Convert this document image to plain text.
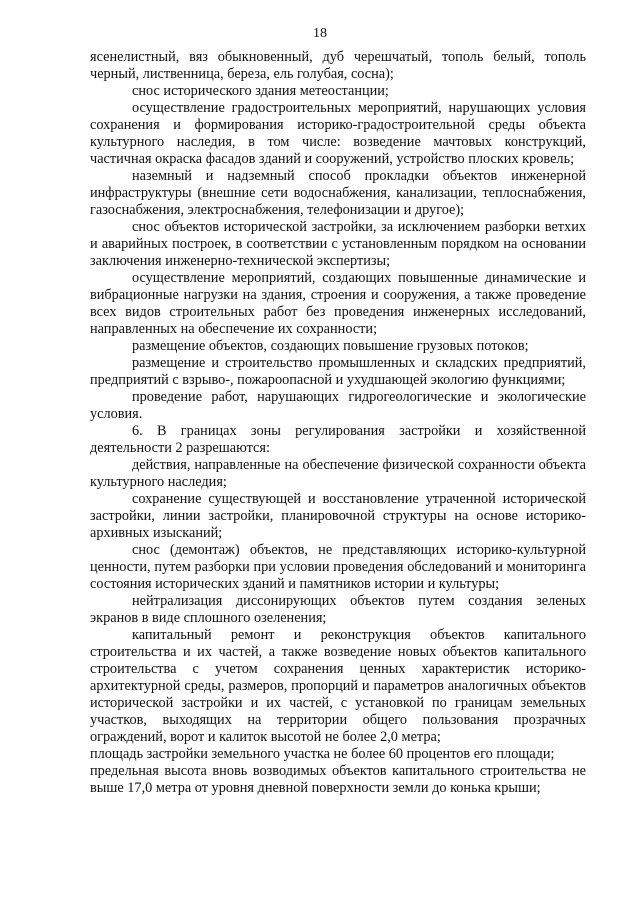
18

ясенелистный, вяз обыкновенный, дуб черешчатый, тополь белый, тополь черный, лиственница, береза, ель голубая, сосна);

снос исторического здания метеостанции;

осуществление градостроительных мероприятий, нарушающих условия сохранения и формирования историко-градостроительной среды объекта культурного наследия, в том числе: возведение мачтовых конструкций, частичная окраска фасадов зданий и сооружений, устройство плоских кровель;

наземный и надземный способ прокладки объектов инженерной инфраструктуры (внешние сети водоснабжения, канализации, теплоснабжения, газоснабжения, электроснабжения, телефонизации и другое);

снос объектов исторической застройки, за исключением разборки ветхих и аварийных построек, в соответствии с установленным порядком на основании заключения инженерно-технической экспертизы;

осуществление мероприятий, создающих повышенные динамические и вибрационные нагрузки на здания, строения и сооружения, а также проведение всех видов строительных работ без проведения инженерных исследований, направленных на обеспечение их сохранности;

размещение объектов, создающих повышение грузовых потоков;

размещение и строительство промышленных и складских предприятий, предприятий с взрыво-, пожароопасной и ухудшающей экологию функциями;

проведение работ, нарушающих гидрогеологические и экологические условия.

6. В границах зоны регулирования застройки и хозяйственной деятельности 2 разрешаются:

действия, направленные на обеспечение физической сохранности объекта культурного наследия;

сохранение существующей и восстановление утраченной исторической застройки, линии застройки, планировочной структуры на основе историко-архивных изысканий;

снос (демонтаж) объектов, не представляющих историко-культурной ценности, путем разборки при условии проведения обследований и мониторинга состояния исторических зданий и памятников истории и культуры;

нейтрализация диссонирующих объектов путем создания зеленых экранов в виде сплошного озеленения;

капитальный ремонт и реконструкция объектов капитального строительства и их частей, а также возведение новых объектов капитального строительства с учетом сохранения ценных характеристик историко-архитектурной среды, размеров, пропорций и параметров аналогичных объектов исторической застройки и их частей, с установкой по границам земельных участков, выходящих на территории общего пользования прозрачных ограждений, ворот и калиток высотой не более 2,0 метра;

площадь застройки земельного участка не более 60 процентов его площади;

предельная высота вновь возводимых объектов капитального строительства не выше 17,0 метра от уровня дневной поверхности земли до конька крыши;
